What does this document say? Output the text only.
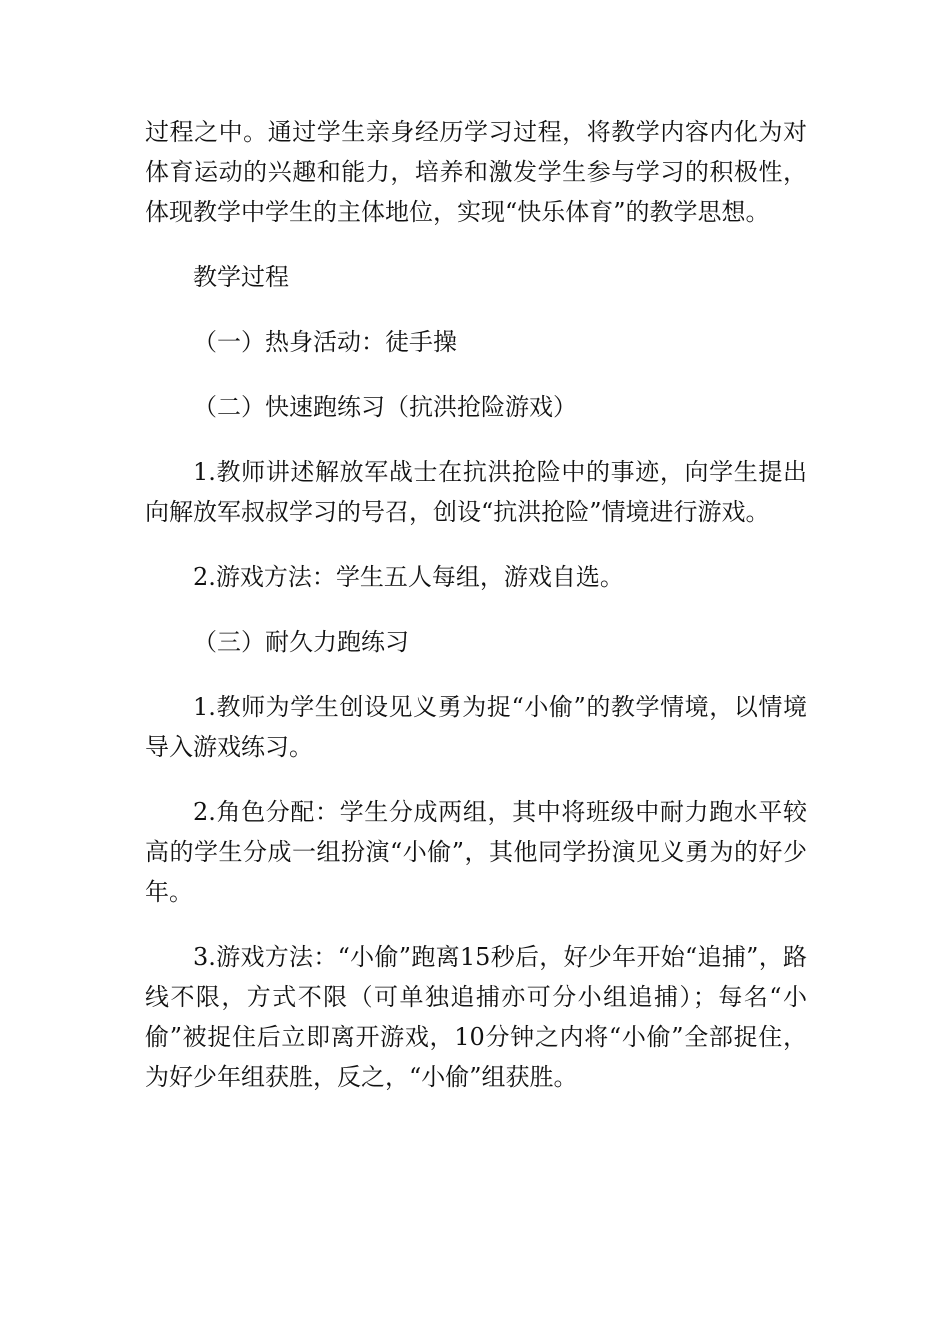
过程之中。通过学生亲身经历学习过程，将教学内容内化为对体育运动的兴趣和能力，培养和激发学生参与学习的积极性，体现教学中学生的主体地位，实现“快乐体育”的教学思想。

教学过程

（一）热身活动：徒手操

（二）快速跑练习（抗洪抢险游戏）

1.教师讲述解放军战士在抗洪抢险中的事迹，向学生提出向解放军叔叔学习的号召，创设“抗洪抢险”情境进行游戏。

2.游戏方法：学生五人每组，游戏自选。

（三）耐久力跑练习

1.教师为学生创设见义勇为捉“小偷”的教学情境，以情境导入游戏练习。

2.角色分配：学生分成两组，其中将班级中耐力跑水平较高的学生分成一组扮演“小偷”，其他同学扮演见义勇为的好少年。

3.游戏方法：“小偷”跑离15秒后，好少年开始“追捕”，路线不限，方式不限（可单独追捕亦可分小组追捕）；每名“小偷”被捉住后立即离开游戏，10分钟之内将“小偷”全部捉住，为好少年组获胜，反之，“小偷”组获胜。
